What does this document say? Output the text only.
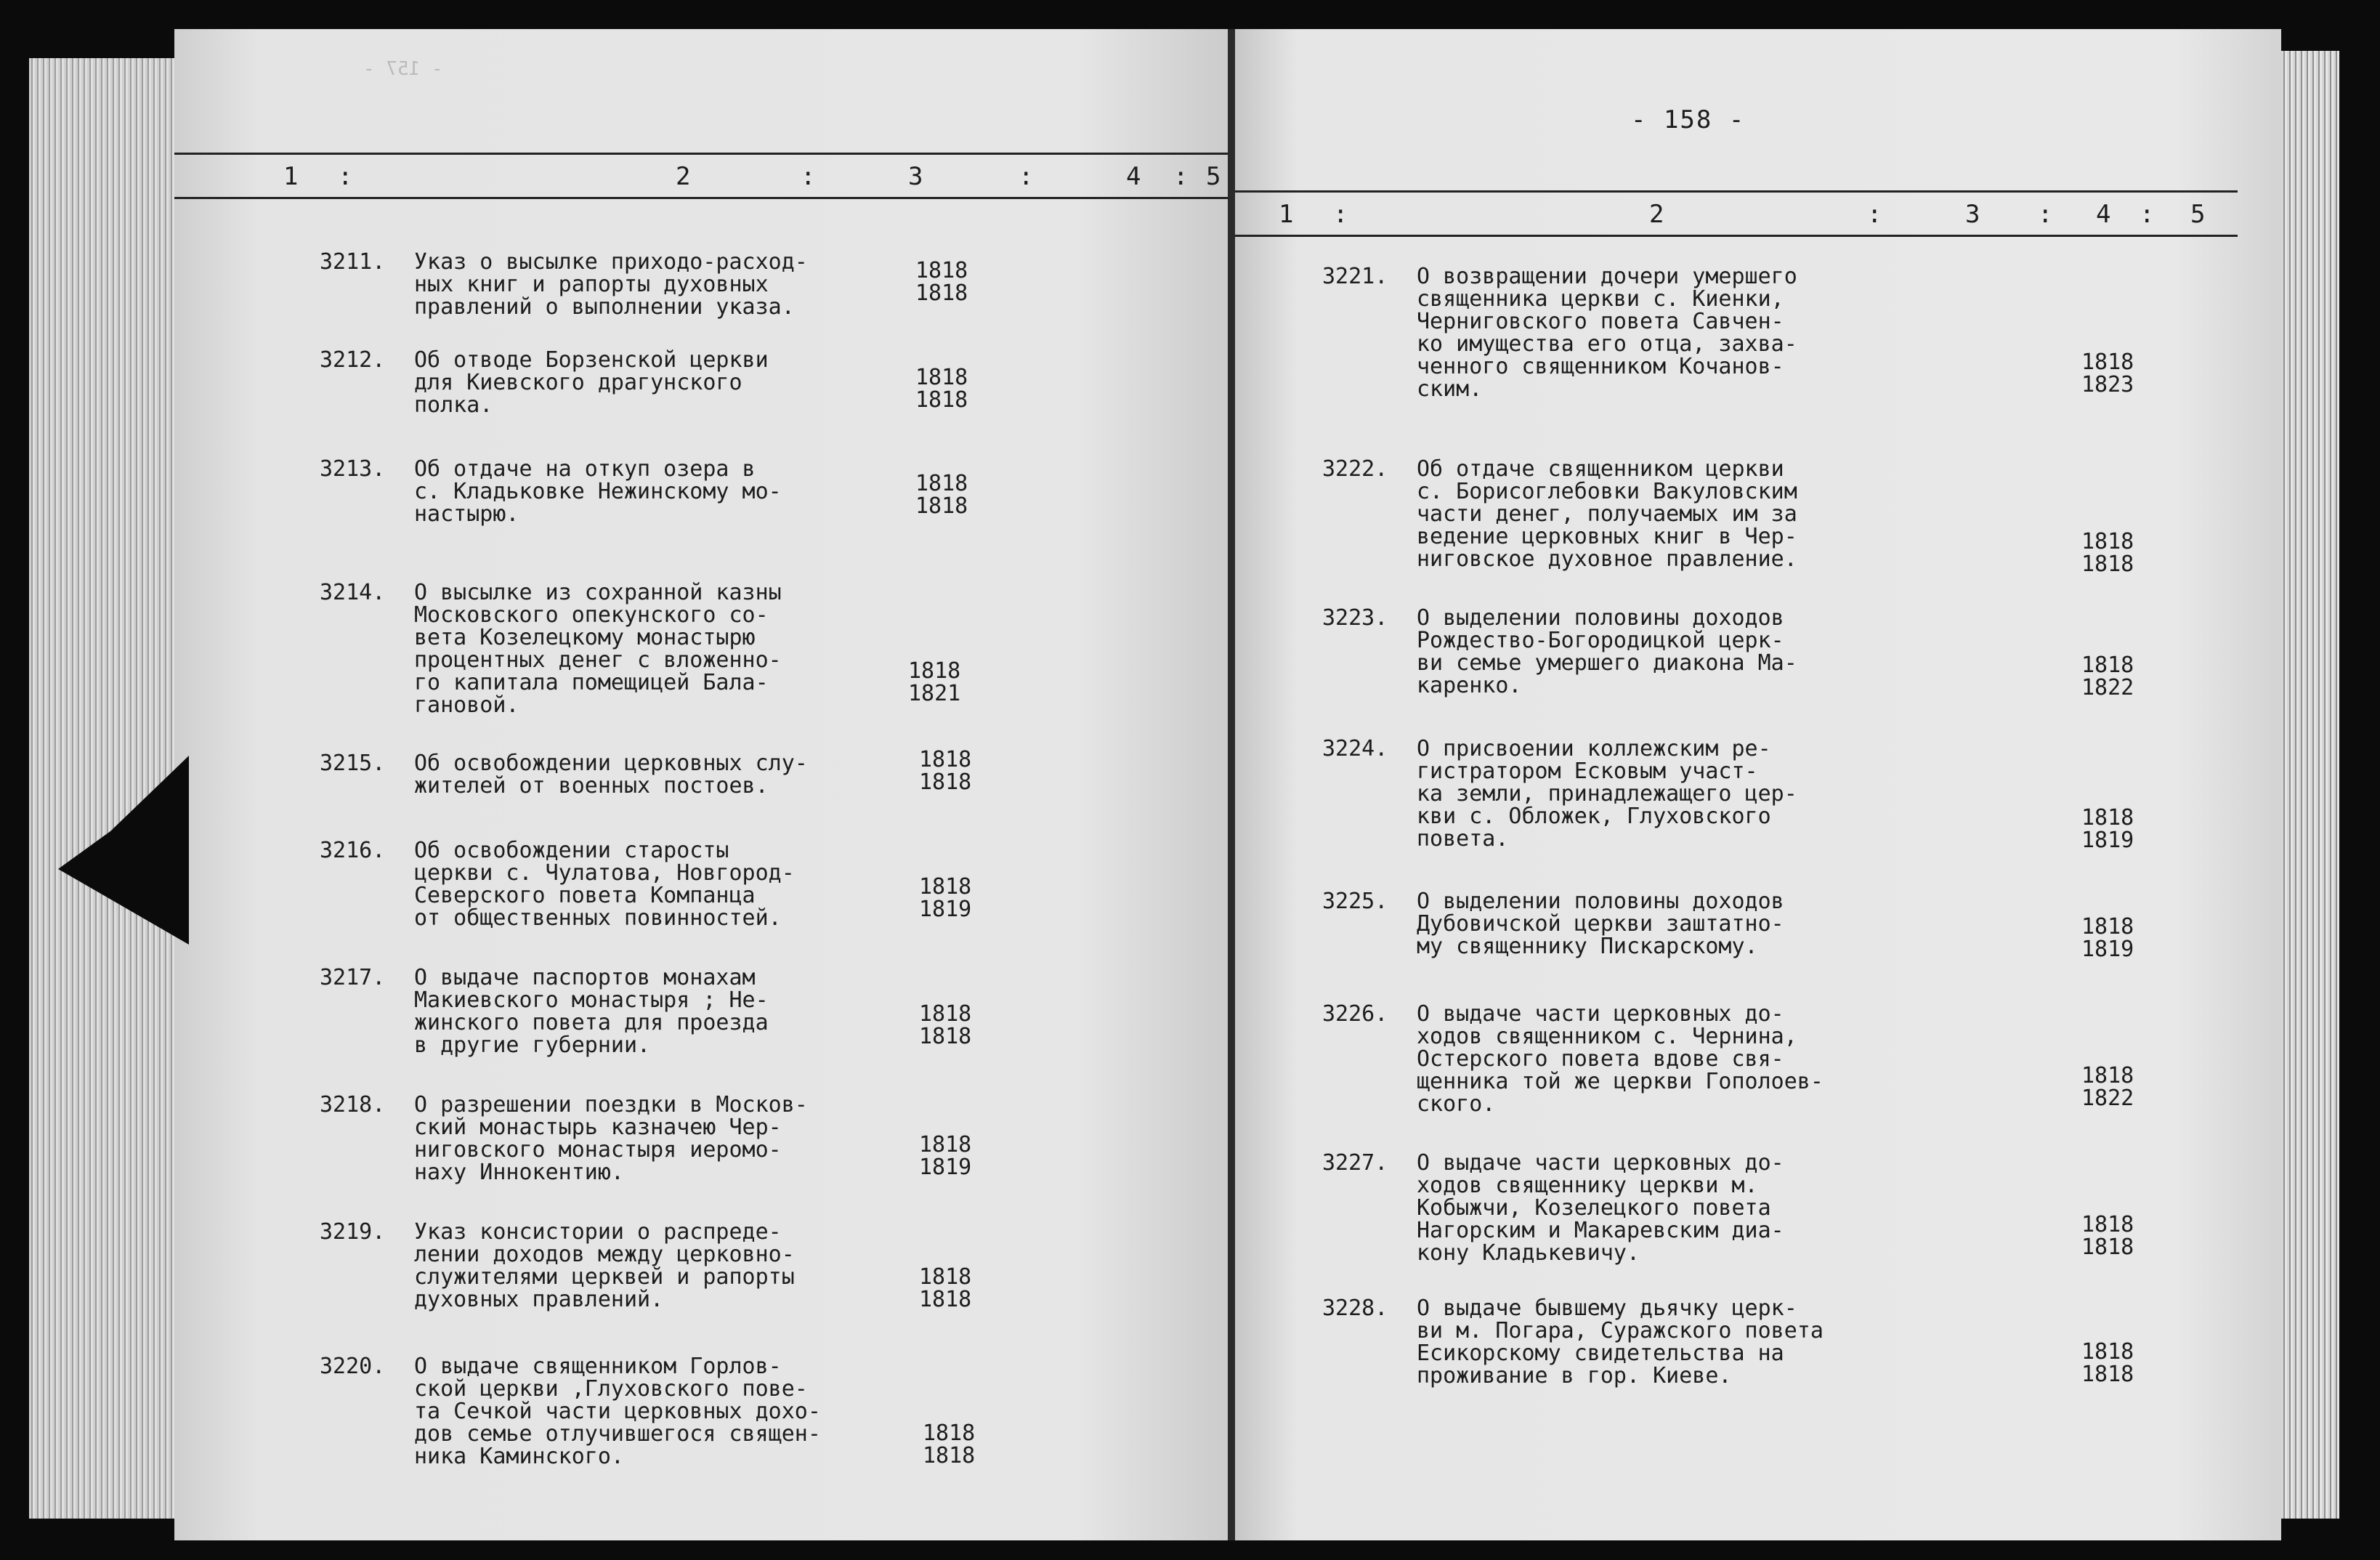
- 157 -
1 :	2	:	3	:	4 : 5
3211.	Указ о высылке приходо-расход-
ных книг и рапорты духовных
правлений о выполнении указа.
1818
1818
3212.	Об отводе Борзенской церкви
для Киевского драгунского
полка.
1818
1818
3213.	Об отдаче на откуп озера в
с. Кладьковке Нежинскому мо-
настырю.
1818
1818
3214.	О высылке из сохранной казны
Московского опекунского со-
вета Козелецкому монастырю
процентных денег с вложенно-
го капитала помещицей Бала-
гановой.
1818
1821
3215.	Об освобождении церковных слу-
жителей от военных постоев.
1818
1818
3216.	Об освобождении старосты
церкви с. Чулатова, Новгород-
Северского повета Компанца
от общественных повинностей.
1818
1819
3217.	О выдаче паспортов монахам
Макиевского монастыря ; Не-
жинского повета для проезда
в другие губернии.
1818
1818
3218.	О разрешении поездки в Москов-
ский монастырь казначею Чер-
ниговского монастыря иеромо-
наху Иннокентию.
1818
1819
3219.	Указ консистории о распреде-
лении доходов между церковно-
служителями церквей и рапорты
духовных правлений.
1818
1818
3220.	О выдаче священником Горлов-
ской церкви ,Глуховского пове-
та Сечкой части церковных дохо-
дов семье отлучившегося священ-
ника Каминского.
1818
1818
- 158 -
1 :	2	:	3 : 4 : 5
3221.	О возвращении дочери умершего
священника церкви с. Киенки,
Черниговского повета Савчен-
ко имущества его отца, захва-
ченного священником Кочанов-
ским.
1818
1823
3222.	Об отдаче священником церкви
с. Борисоглебовки Вакуловским
части денег, получаемых им за
ведение церковных книг в Чер-
ниговское духовное правление.
1818
1818
3223.	О выделении половины доходов
Рождество-Богородицкой церк-
ви семье умершего диакона Ма-
каренко.
1818
1822
3224.	О присвоении коллежским ре-
гистратором Есковым участ-
ка земли, принадлежащего цер-
кви с. Обложек, Глуховского
повета.
1818
1819
3225.	О выделении половины доходов
Дубовичской церкви заштатно-
му священнику Пискарскому.
1818
1819
3226.	О выдаче части церковных до-
ходов священником с. Чернина,
Остерского повета вдове свя-
щенника той же церкви Гополоев-
ского.
1818
1822
3227.	О выдаче части церковных до-
ходов священнику церкви м.
Кобыжчи, Козелецкого повета
Нагорским и Макаревским диа-
кону Кладькевичу.
1818
1818
3228.	О выдаче бывшему дьячку церк-
ви м. Погара, Суражского повета
Есикорскому свидетельства на
проживание в гор. Киеве.
1818
1818
